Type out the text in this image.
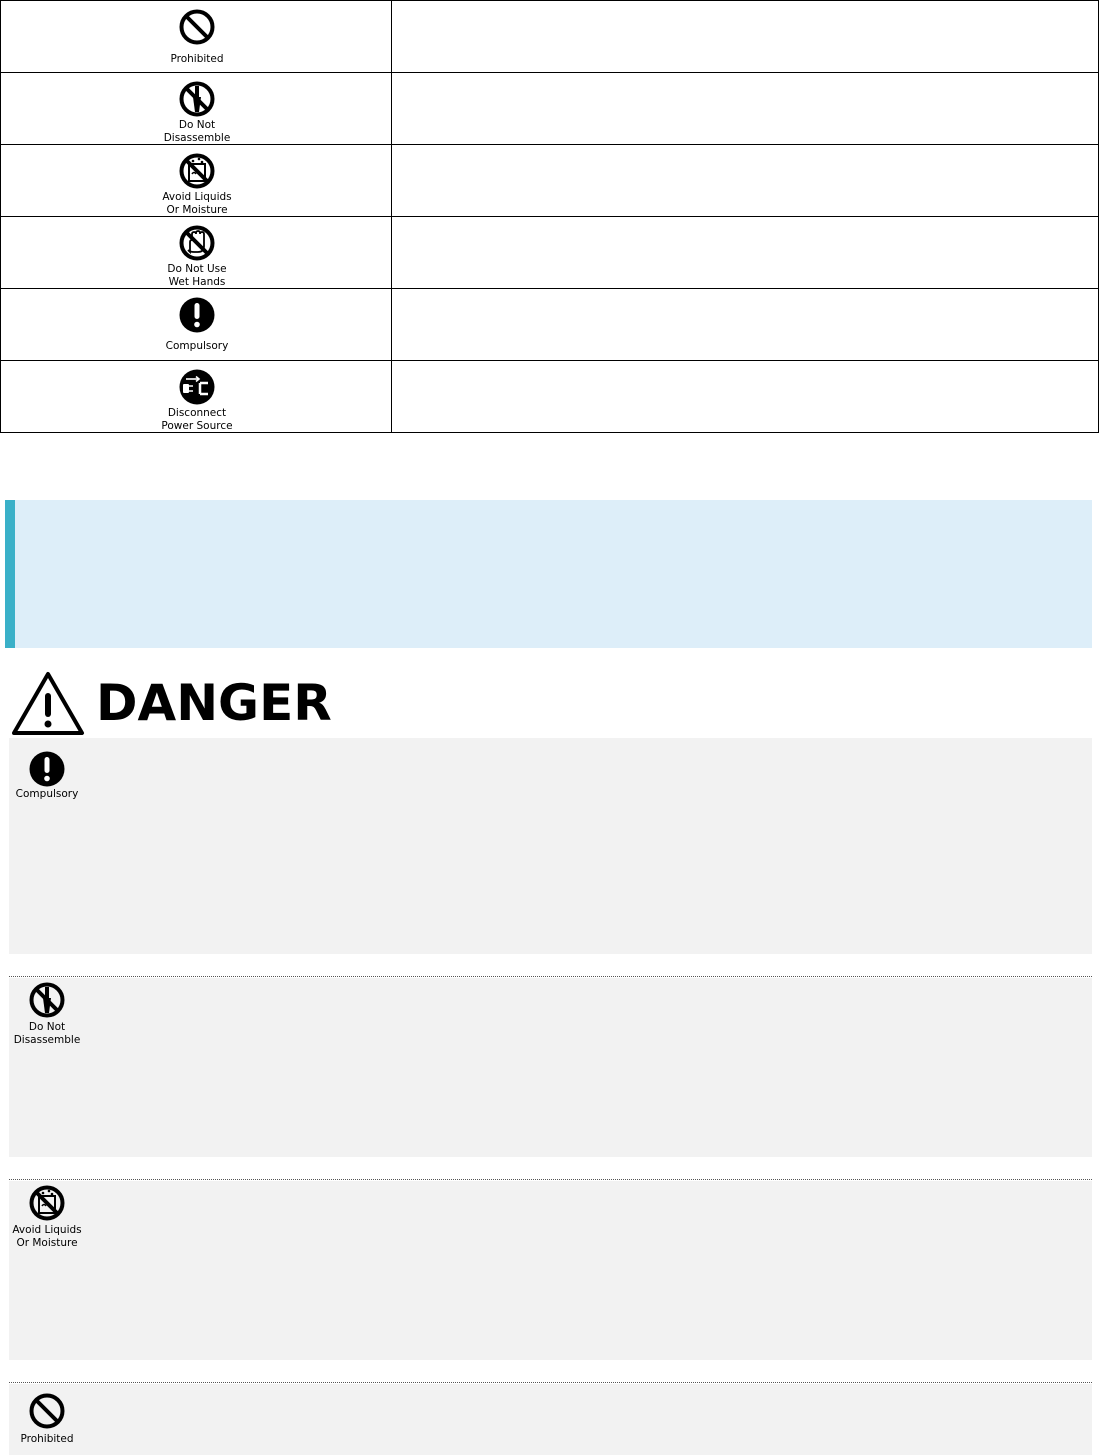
Prohibited	

Do Not
Disassemble	

Avoid Liquids
Or Moisture	

Do Not Use
Wet Hands	

Compulsory	

Disconnect
Power Source	

DANGER
Compulsory
Do Not
Disassemble
Avoid Liquids
Or Moisture
Prohibited
